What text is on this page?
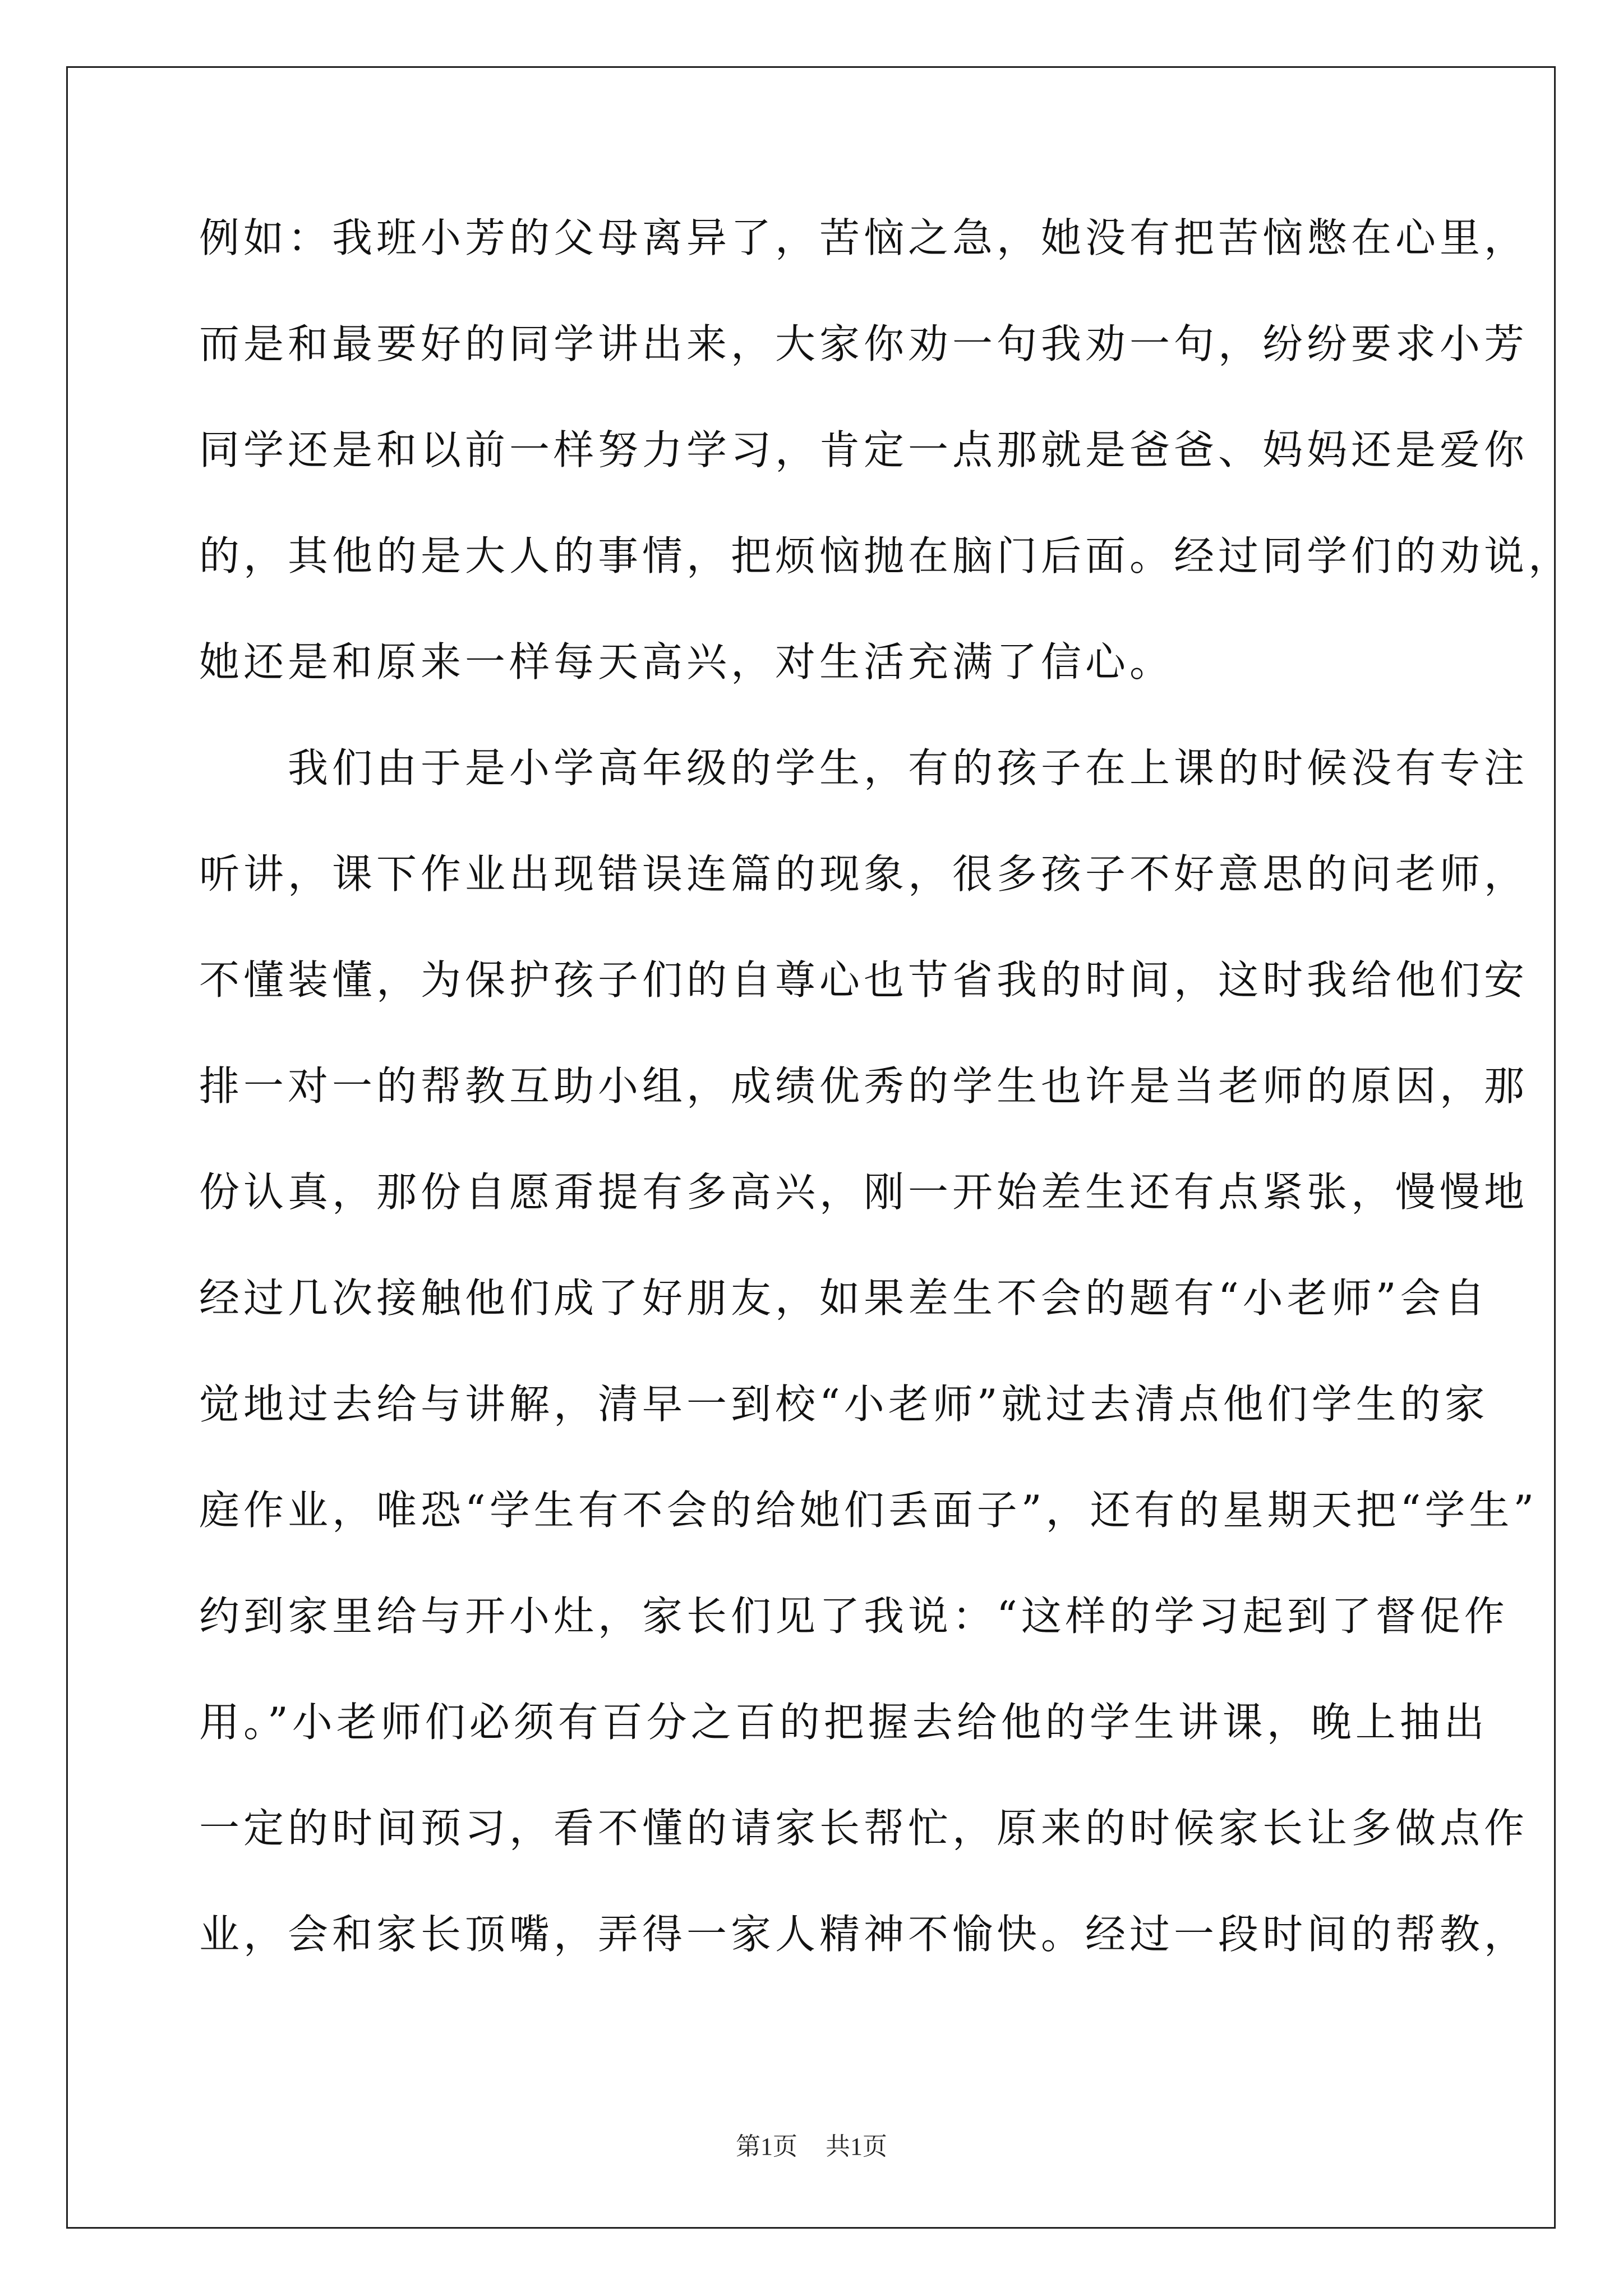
例如：我班小芳的父母离异了，苦恼之急，她没有把苦恼憋在心里，
而是和最要好的同学讲出来，大家你劝一句我劝一句，纷纷要求小芳
同学还是和以前一样努力学习，肯定一点那就是爸爸、妈妈还是爱你
的，其他的是大人的事情，把烦恼抛在脑门后面。经过同学们的劝说，
她还是和原来一样每天高兴，对生活充满了信心。
　　我们由于是小学高年级的学生，有的孩子在上课的时候没有专注
听讲，课下作业出现错误连篇的现象，很多孩子不好意思的问老师，
不懂装懂，为保护孩子们的自尊心也节省我的时间，这时我给他们安
排一对一的帮教互助小组，成绩优秀的学生也许是当老师的原因，那
份认真，那份自愿甭提有多高兴，刚一开始差生还有点紧张，慢慢地
经过几次接触他们成了好朋友，如果差生不会的题有“小老师”会自
觉地过去给与讲解，清早一到校“小老师”就过去清点他们学生的家
庭作业，唯恐“学生有不会的给她们丢面子”，还有的星期天把“学生”
约到家里给与开小灶，家长们见了我说：“这样的学习起到了督促作
用。”小老师们必须有百分之百的把握去给他的学生讲课，晚上抽出
一定的时间预习，看不懂的请家长帮忙，原来的时候家长让多做点作
业，会和家长顶嘴，弄得一家人精神不愉快。经过一段时间的帮教，
第1页 共1页
